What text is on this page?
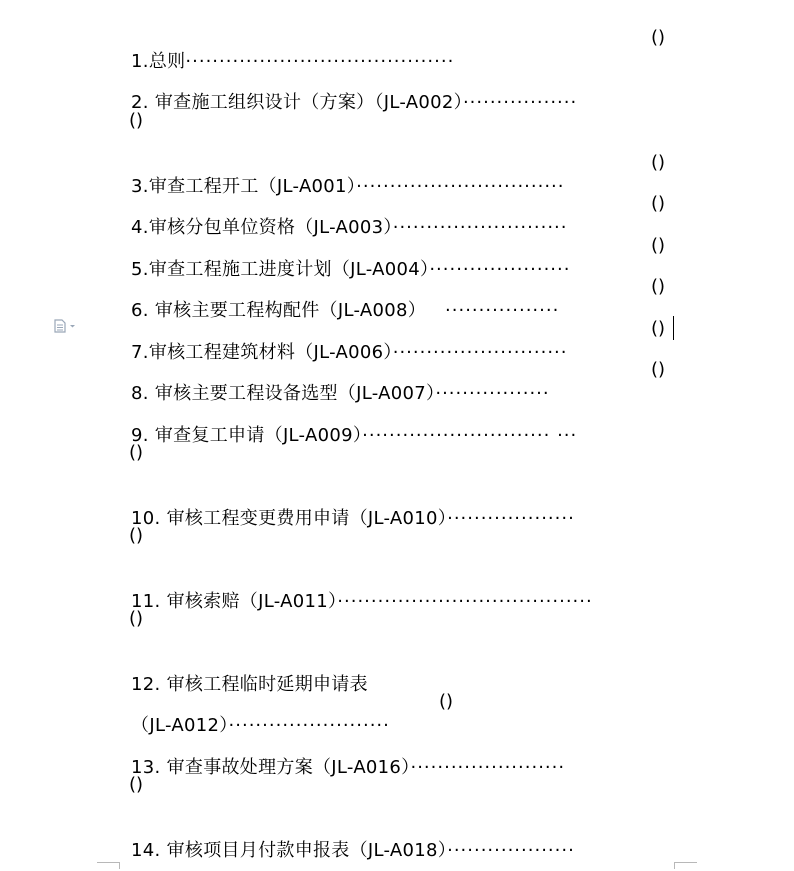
1.总则········································

()

2. 审查施工组织设计（方案）（JL-A002）·················

()

3.审查工程开工（JL-A001）·······························

()

4.审核分包单位资格（JL-A003）··························

()

5.审查工程施工进度计划（JL-A004）·····················

()

6. 审核主要工程构配件（JL-A008） ·················

()

7.审核工程建筑材料（JL-A006）··························

()

8. 审核主要工程设备选型（JL-A007）·················

()

9. 审查复工申请（JL-A009）···························· ···

()

10. 审核工程变更费用申请（JL-A010）···················

()

11. 审核索赔（JL-A011）······································

()

12. 审核工程临时延期申请表

（JL-A012）························

()

13. 审查事故处理方案（JL-A016）·······················

()

14. 审核项目月付款申报表（JL-A018）···················
